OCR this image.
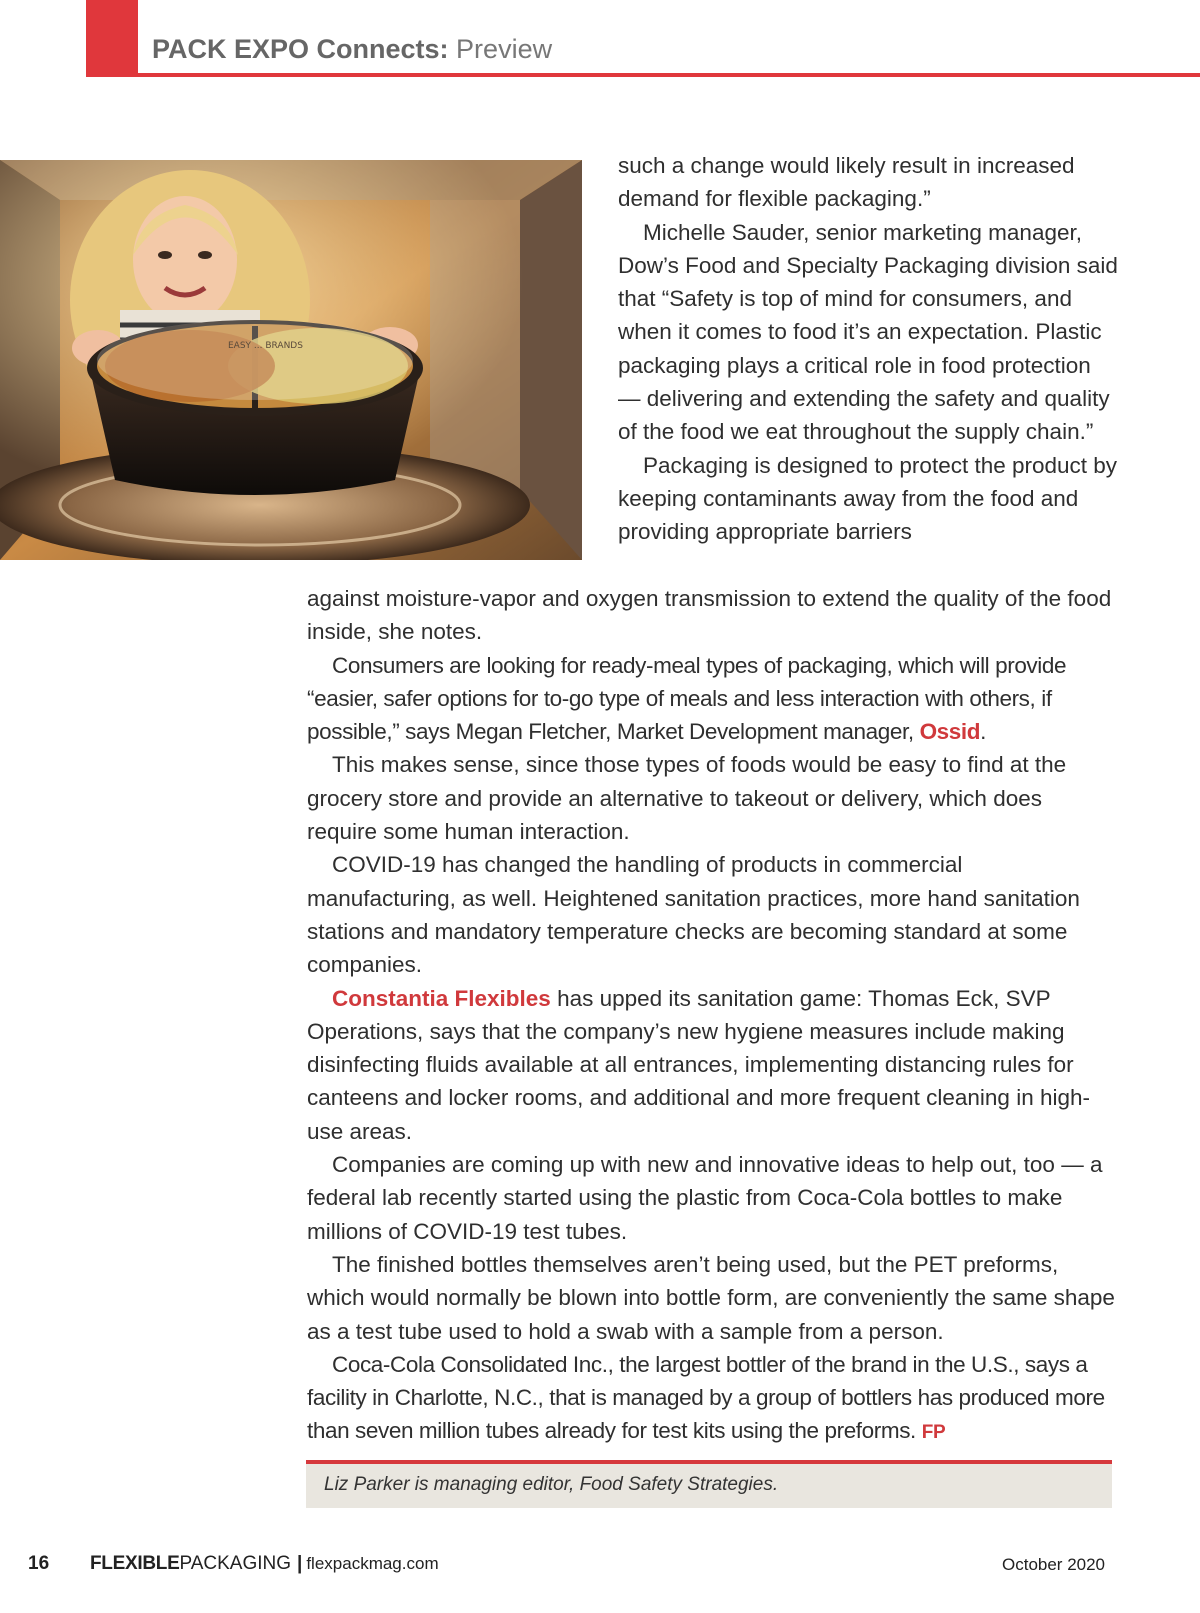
PACK EXPO Connects: Preview
EASY ... BRANDS

such a change would likely result in increased demand for flexible packaging.”

Michelle Sauder, senior marketing manager, Dow’s Food and Specialty Packaging division said that “Safety is top of mind for consumers, and when it comes to food it’s an expectation. Plastic packaging plays a critical role in food protection — delivering and extending the safety and quality of the food we eat throughout the supply chain.”

Packaging is designed to protect the product by keeping contaminants away from the food and providing appropriate barriers

against moisture-vapor and oxygen transmission to extend the quality of the food inside, she notes.

Consumers are looking for ready-meal types of packaging, which will provide “easier, safer options for to-go type of meals and less interaction with others, if possible,” says Megan Fletcher, Market Development manager, Ossid.

This makes sense, since those types of foods would be easy to find at the grocery store and provide an alternative to takeout or delivery, which does require some human interaction.

COVID-19 has changed the handling of products in commercial manufacturing, as well. Heightened sanitation practices, more hand sanitation stations and mandatory temperature checks are becoming standard at some companies.

Constantia Flexibles has upped its sanitation game: Thomas Eck, SVP Operations, says that the company’s new hygiene measures include making disinfecting fluids available at all entrances, implementing distancing rules for canteens and locker rooms, and additional and more frequent cleaning in high-use areas.

Companies are coming up with new and innovative ideas to help out, too — a federal lab recently started using the plastic from Coca-Cola bottles to make millions of COVID-19 test tubes.

The finished bottles themselves aren’t being used, but the PET preforms, which would normally be blown into bottle form, are conveniently the same shape as a test tube used to hold a swab with a sample from a person.

Coca-Cola Consolidated Inc., the largest bottler of the brand in the U.S., says a facility in Charlotte, N.C., that is managed by a group of bottlers has produced more than seven million tubes already for test kits using the preforms. FP

Liz Parker is managing editor, Food Safety Strategies.
16 FLEXIBLEPACKAGING | flexpackmag.com	October 2020
